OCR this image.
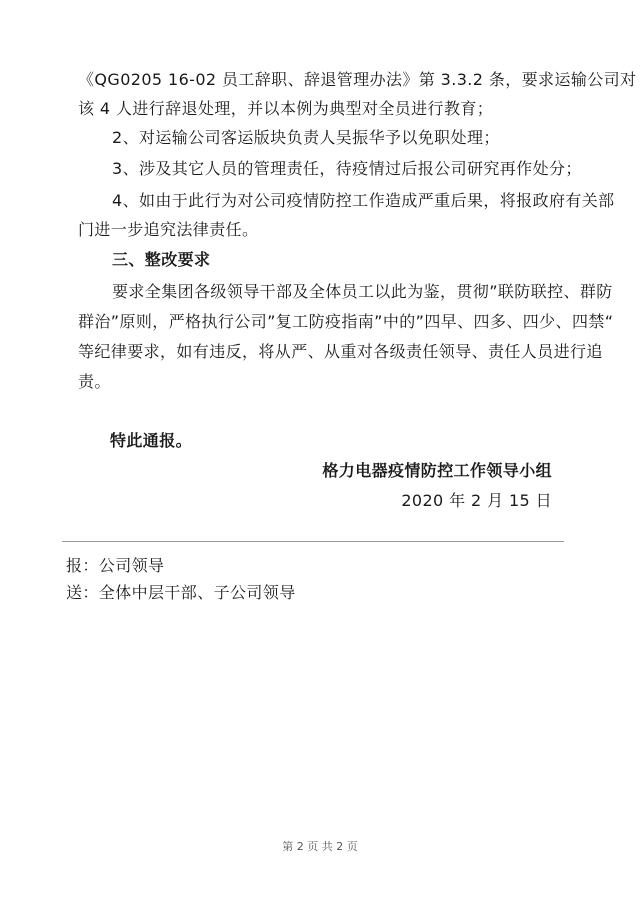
《QG0205 16-02 员工辞职、辞退管理办法》第 3.3.2 条，要求运输公司对
该 4 人进行辞退处理，并以本例为典型对全员进行教育；
2、对运输公司客运版块负责人吴振华予以免职处理；
3、涉及其它人员的管理责任，待疫情过后报公司研究再作处分；
4、如由于此行为对公司疫情防控工作造成严重后果，将报政府有关部
门进一步追究法律责任。
三、整改要求
要求全集团各级领导干部及全体员工以此为鉴，贯彻”联防联控、群防
群治”原则，严格执行公司”复工防疫指南”中的”四早、四多、四少、四禁“
等纪律要求，如有违反，将从严、从重对各级责任领导、责任人员进行追
责。
特此通报。
格力电器疫情防控工作领导小组
2020 年 2 月 15 日
报：公司领导
送：全体中层干部、子公司领导
第 2 页 共 2 页
